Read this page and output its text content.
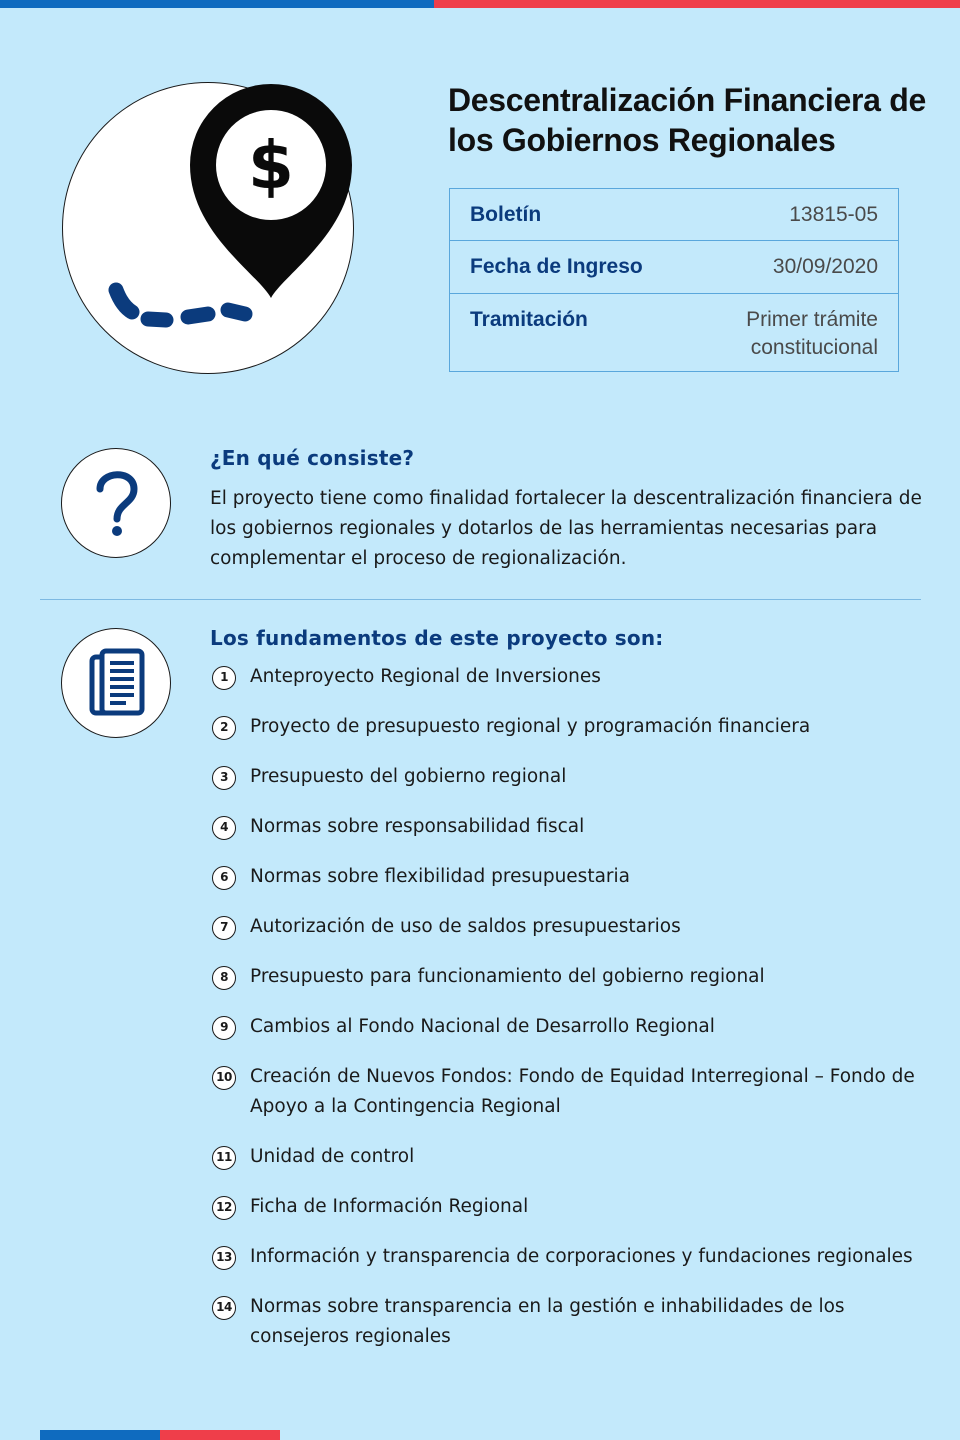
$
Descentralización Financiera de los Gobiernos Regionales
Boletín	13815-05
Fecha de Ingreso	30/09/2020
Tramitación	Primer trámite constitucional
¿En qué consiste?

El proyecto tiene como finalidad fortalecer la descentralización financiera de los gobiernos regionales y dotarlos de las herramientas necesarias para complementar el proceso de regionalización.

Los fundamentos de este proyecto son:
1	Anteproyecto Regional de Inversiones
2	Proyecto de presupuesto regional y programación financiera
3	Presupuesto del gobierno regional
4	Normas sobre responsabilidad fiscal
6	Normas sobre flexibilidad presupuestaria
7	Autorización de uso de saldos presupuestarios
8	Presupuesto para funcionamiento del gobierno regional
9	Cambios al Fondo Nacional de Desarrollo Regional
10 Creación de Nuevos Fondos: Fondo de Equidad Interregional – Fondo de Apoyo a la Contingencia Regional
11 Unidad de control
12 Ficha de Información Regional
13 Información y transparencia de corporaciones y fundaciones regionales
14 Normas sobre transparencia en la gestión e inhabilidades de los consejeros regionales
